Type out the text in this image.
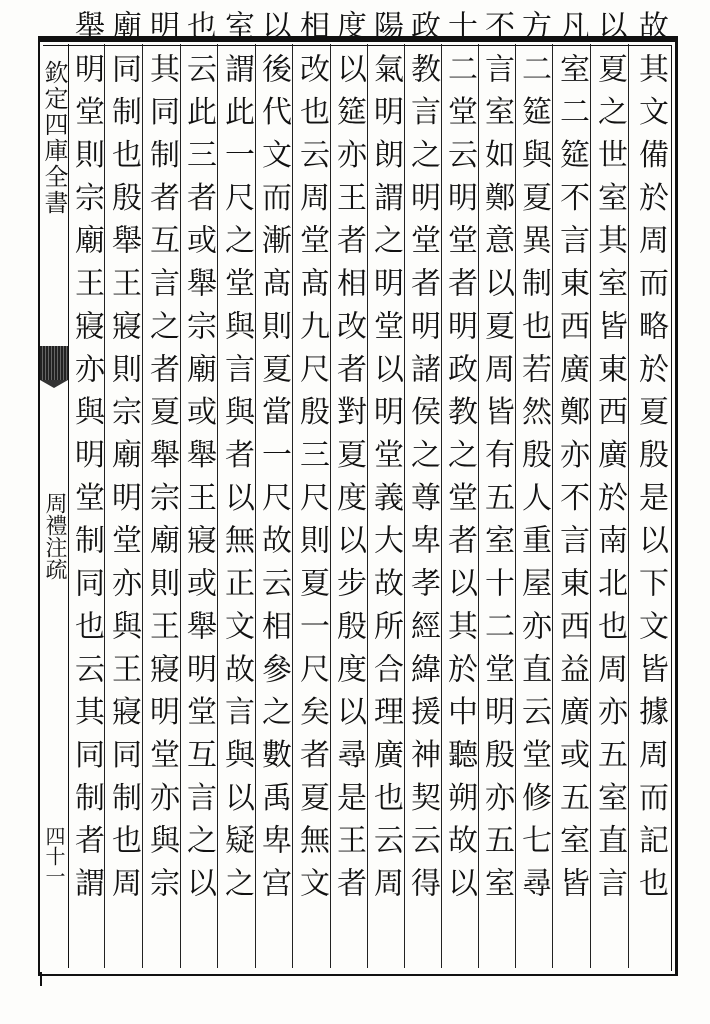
欽定四庫全書
周禮注疏
四十一	故其文備於周而略於夏殷是以下文皆據周而記也
以夏之世室其室皆東西廣於南北也周亦五室直言
凡室二筵不言東西廣鄭亦不言東西益廣或五室皆
方二筵與夏異制也若然殷人重屋亦直云堂修七尋
不言室如鄭意以夏周皆有五室十二堂明殷亦五室
十二堂云明堂者明政教之堂者以其於中聽朔故以
政教言之明堂者明諸侯之尊卑孝經緯援神契云得
陽氣明朗謂之明堂以明堂義大故所合理廣也云周
度以筵亦王者相改者對夏度以步殷度以尋是王者
相改也云周堂髙九尺殷三尺則夏一尺矣者夏無文
以後代文而漸髙則夏當一尺故云相參之數禹卑宫
室謂此一尺之堂與言與者以無正文故言與以疑之
也云此三者或舉宗廟或舉王寢或舉明堂互言之以
明其同制者互言之者夏舉宗廟則王寢明堂亦與宗
廟同制也殷舉王寢則宗廟明堂亦與王寢同制也周
舉明堂則宗廟王寢亦與明堂制同也云其同制者謂
